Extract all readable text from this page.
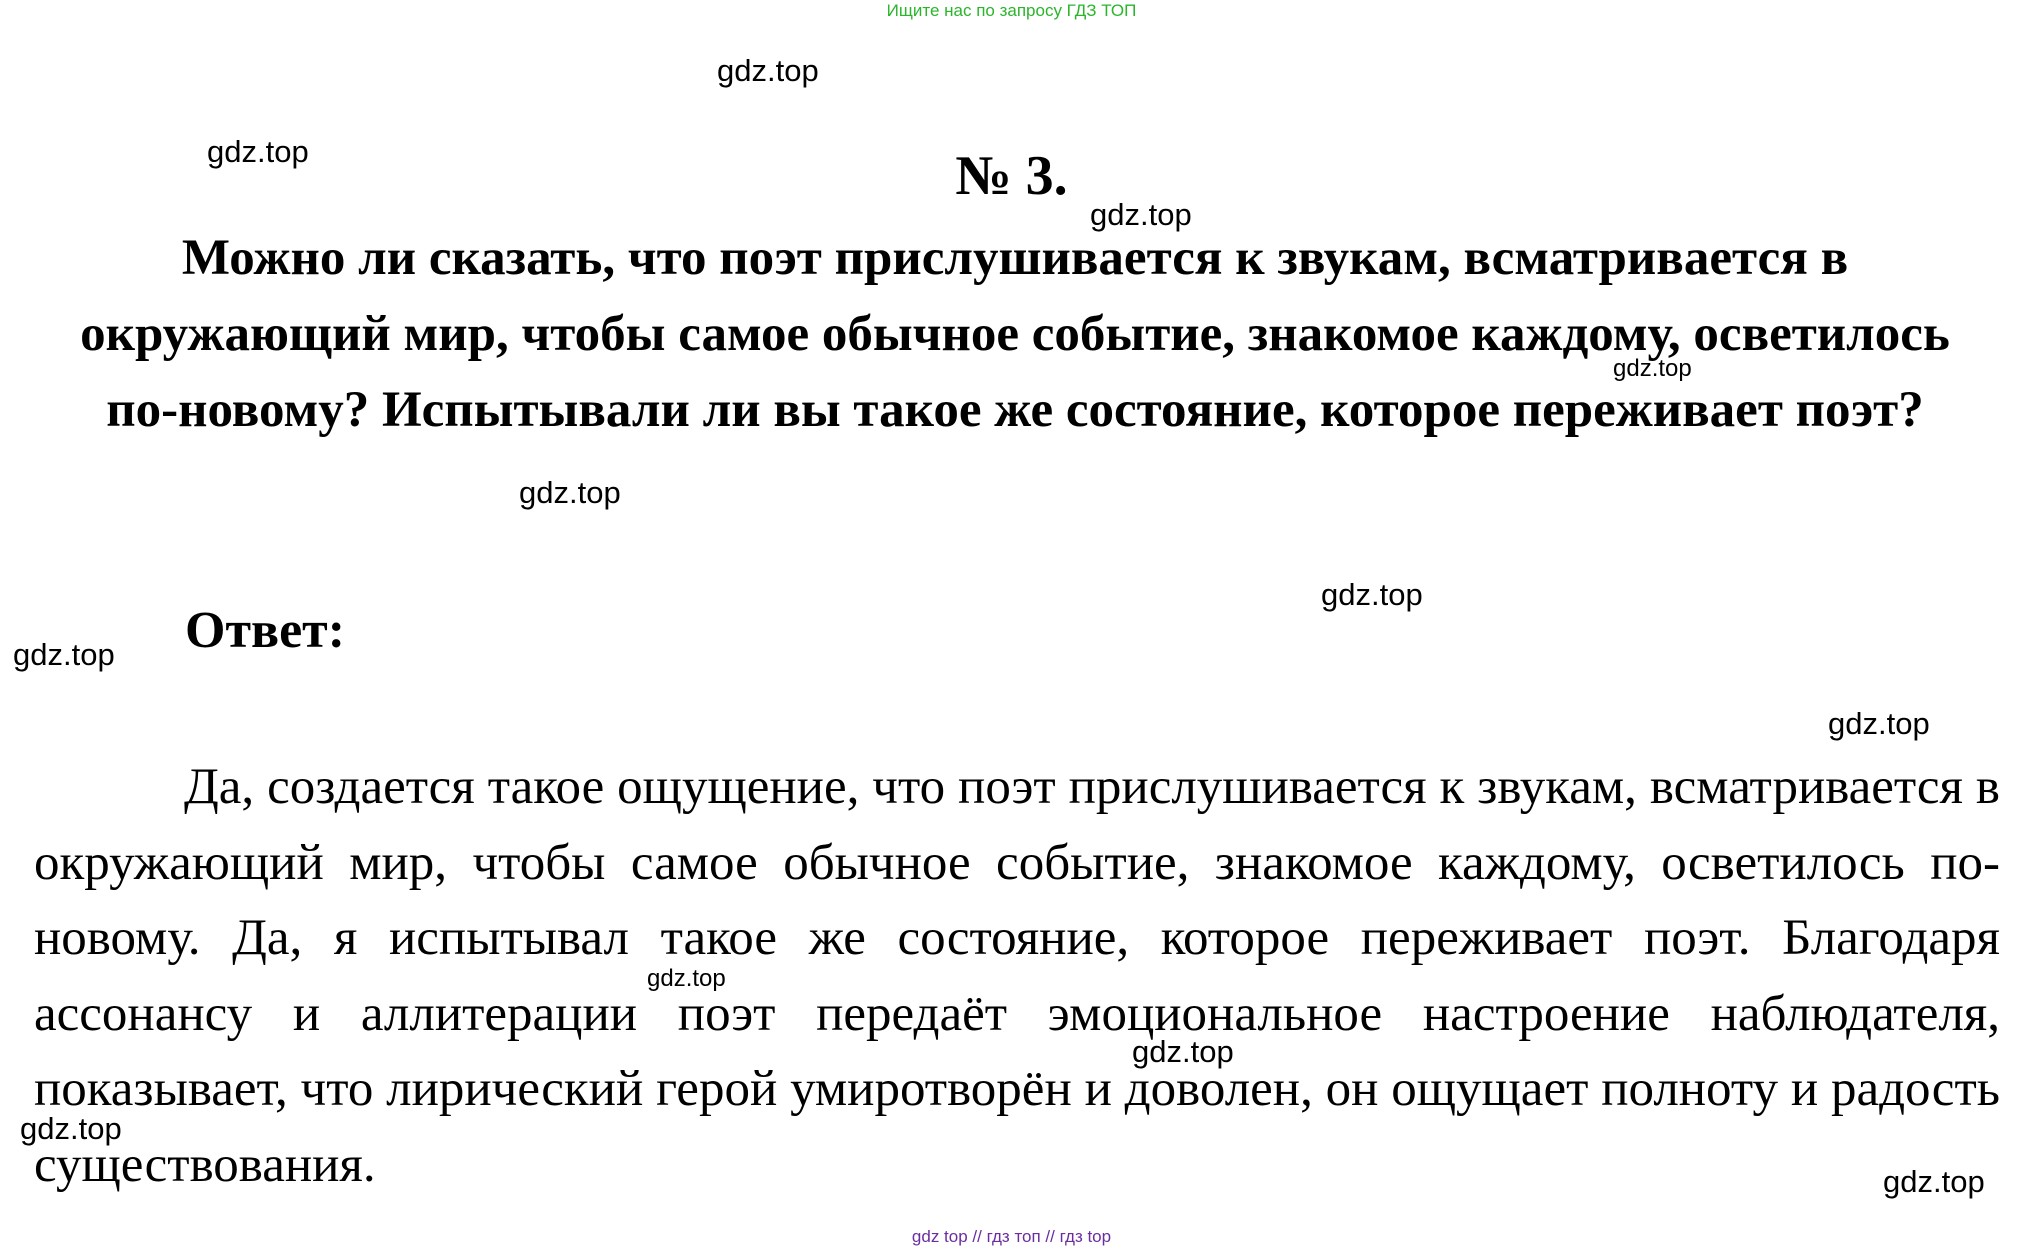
Ищите нас по запросу ГДЗ ТОП
gdz.top
gdz.top
gdz.top
gdz.top
gdz.top
gdz.top
gdz.top
gdz.top
gdz.top
gdz.top
gdz.top
gdz.top
№ 3.
Можно ли сказать, что поэт прислушивается к звукам, всматривается в окружающий мир, чтобы самое обычное событие, знакомое каждому, осветилось по-новому? Испытывали ли вы такое же состояние, которое переживает поэт?
Ответ:
Да, создается такое ощущение, что поэт прислушивается к звукам, всматривается в окружающий мир, чтобы самое обычное событие, знакомое каждому, осветилось по-новому. Да, я испытывал такое же состояние, которое переживает поэт. Благодаря ассонансу и аллитерации поэт передаёт эмоциональное настроение наблюдателя, показывает, что лирический герой умиротворён и доволен, он ощущает полноту и радость существования.
gdz top // гдз топ // гдз top
